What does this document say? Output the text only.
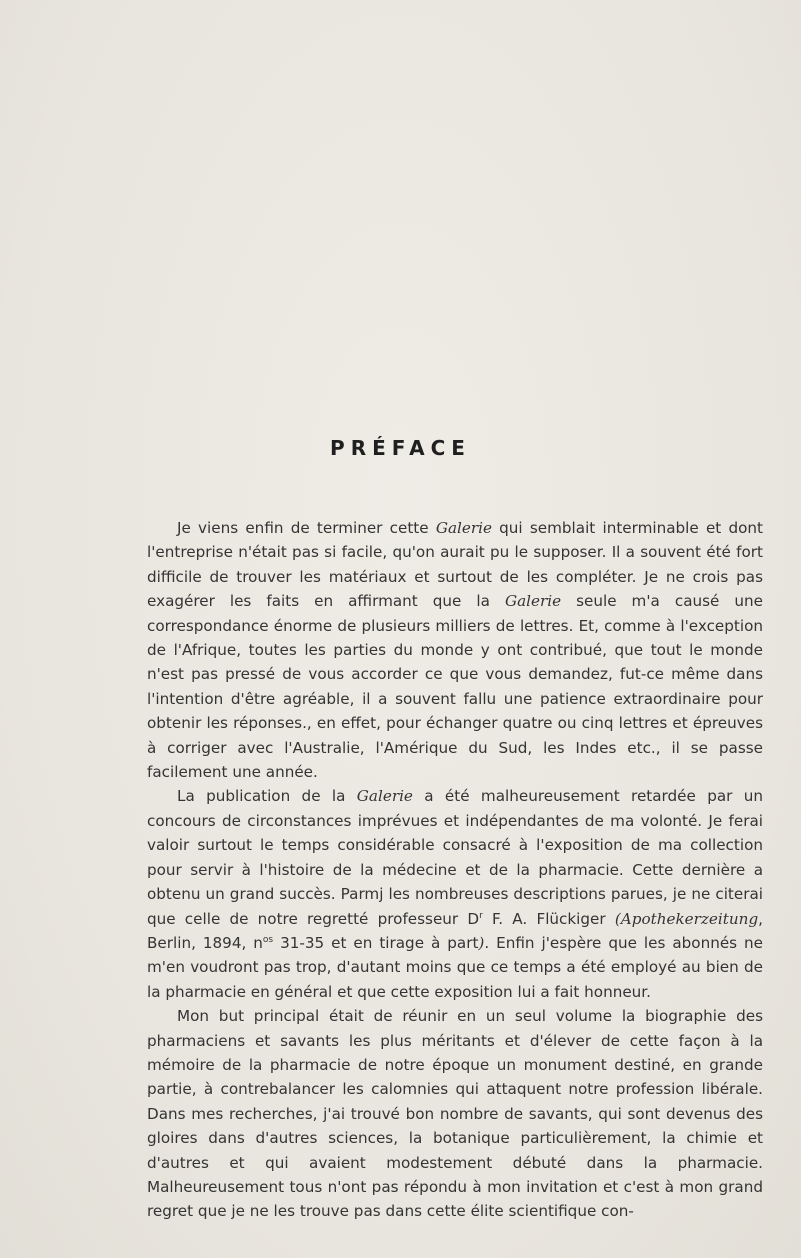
PRÉFACE

Je viens enfin de terminer cette Galerie qui semblait interminable et dont l'entreprise n'était pas si facile, qu'on aurait pu le supposer. Il a souvent été fort difficile de trouver les matériaux et surtout de les compléter. Je ne crois pas exagérer les faits en affirmant que la Galerie seule m'a causé une correspondance énorme de plusieurs milliers de lettres. Et, comme à l'exception de l'Afrique, toutes les parties du monde y ont contribué, que tout le monde n'est pas pressé de vous accorder ce que vous demandez, fut-ce même dans l'intention d'être agréable, il a souvent fallu une patience extraordinaire pour obtenir les réponses., en effet, pour échanger quatre ou cinq lettres et épreuves à corriger avec l'Australie, l'Amérique du Sud, les Indes etc., il se passe facilement une année.

La publication de la Galerie a été malheureusement retardée par un concours de circonstances imprévues et indépendantes de ma volonté. Je ferai valoir surtout le temps considérable consacré à l'exposition de ma collection pour servir à l'histoire de la médecine et de la pharmacie. Cette dernière a obtenu un grand succès. Parmj les nombreuses descriptions parues, je ne citerai que celle de notre regretté professeur $D^r$ F. A. Flückiger (Apothekerzeitung, Berlin, 1894, $n^{os}$ 31-35 et en tirage à part). Enfin j'espère que les abonnés ne m'en voudront pas trop, d'autant moins que ce temps a été employé au bien de la pharmacie en général et que cette exposition lui a fait honneur.

Mon but principal était de réunir en un seul volume la biographie des pharmaciens et savants les plus méritants et d'élever de cette façon à la mémoire de la pharmacie de notre époque un monument destiné, en grande partie, à contrebalancer les calomnies qui attaquent notre profession libérale. Dans mes recherches, j'ai trouvé bon nombre de savants, qui sont devenus des gloires dans d'autres sciences, la botanique particulièrement, la chimie et d'autres et qui avaient modestement débuté dans la pharmacie. Malheureusement tous n'ont pas répondu à mon invitation et c'est à mon grand regret que je ne les trouve pas dans cette élite scientifique con-
